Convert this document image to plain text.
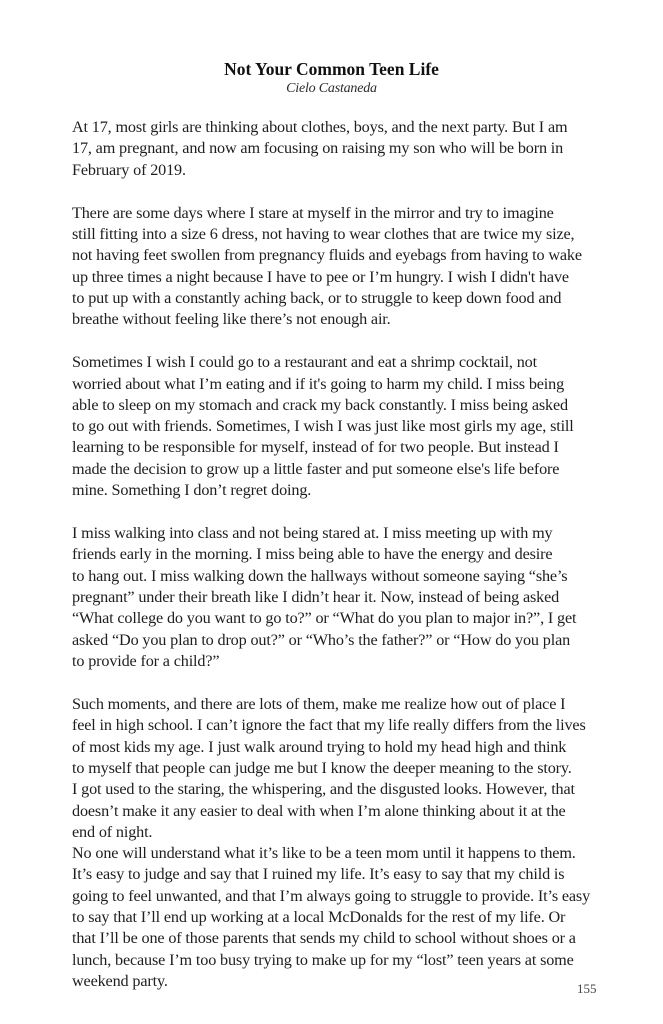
Not Your Common Teen Life
Cielo Castaneda

At 17, most girls are thinking about clothes, boys, and the next party. But I am
17, am pregnant, and now am focusing on raising my son who will be born in
February of 2019.

There are some days where I stare at myself in the mirror and try to imagine
still fitting into a size 6 dress, not having to wear clothes that are twice my size,
not having feet swollen from pregnancy fluids and eyebags from having to wake
up three times a night because I have to pee or I’m hungry. I wish I didn't have
to put up with a constantly aching back, or to struggle to keep down food and
breathe without feeling like there’s not enough air.

Sometimes I wish I could go to a restaurant and eat a shrimp cocktail, not
worried about what I’m eating and if it's going to harm my child. I miss being
able to sleep on my stomach and crack my back constantly. I miss being asked
to go out with friends. Sometimes, I wish I was just like most girls my age, still
learning to be responsible for myself, instead of for two people. But instead I
made the decision to grow up a little faster and put someone else's life before
mine. Something I don’t regret doing.

I miss walking into class and not being stared at. I miss meeting up with my
friends early in the morning. I miss being able to have the energy and desire
to hang out. I miss walking down the hallways without someone saying “she’s
pregnant” under their breath like I didn’t hear it. Now, instead of being asked
“What college do you want to go to?” or “What do you plan to major in?”, I get
asked “Do you plan to drop out?” or “Who’s the father?” or “How do you plan
to provide for a child?”

Such moments, and there are lots of them, make me realize how out of place I
feel in high school. I can’t ignore the fact that my life really differs from the lives
of most kids my age. I just walk around trying to hold my head high and think
to myself that people can judge me but I know the deeper meaning to the story.
I got used to the staring, the whispering, and the disgusted looks. However, that
doesn’t make it any easier to deal with when I’m alone thinking about it at the
end of night.

No one will understand what it’s like to be a teen mom until it happens to them.
It’s easy to judge and say that I ruined my life. It’s easy to say that my child is
going to feel unwanted, and that I’m always going to struggle to provide. It’s easy
to say that I’ll end up working at a local McDonalds for the rest of my life. Or
that I’ll be one of those parents that sends my child to school without shoes or a
lunch, because I’m too busy trying to make up for my “lost” teen years at some
weekend party.	155
